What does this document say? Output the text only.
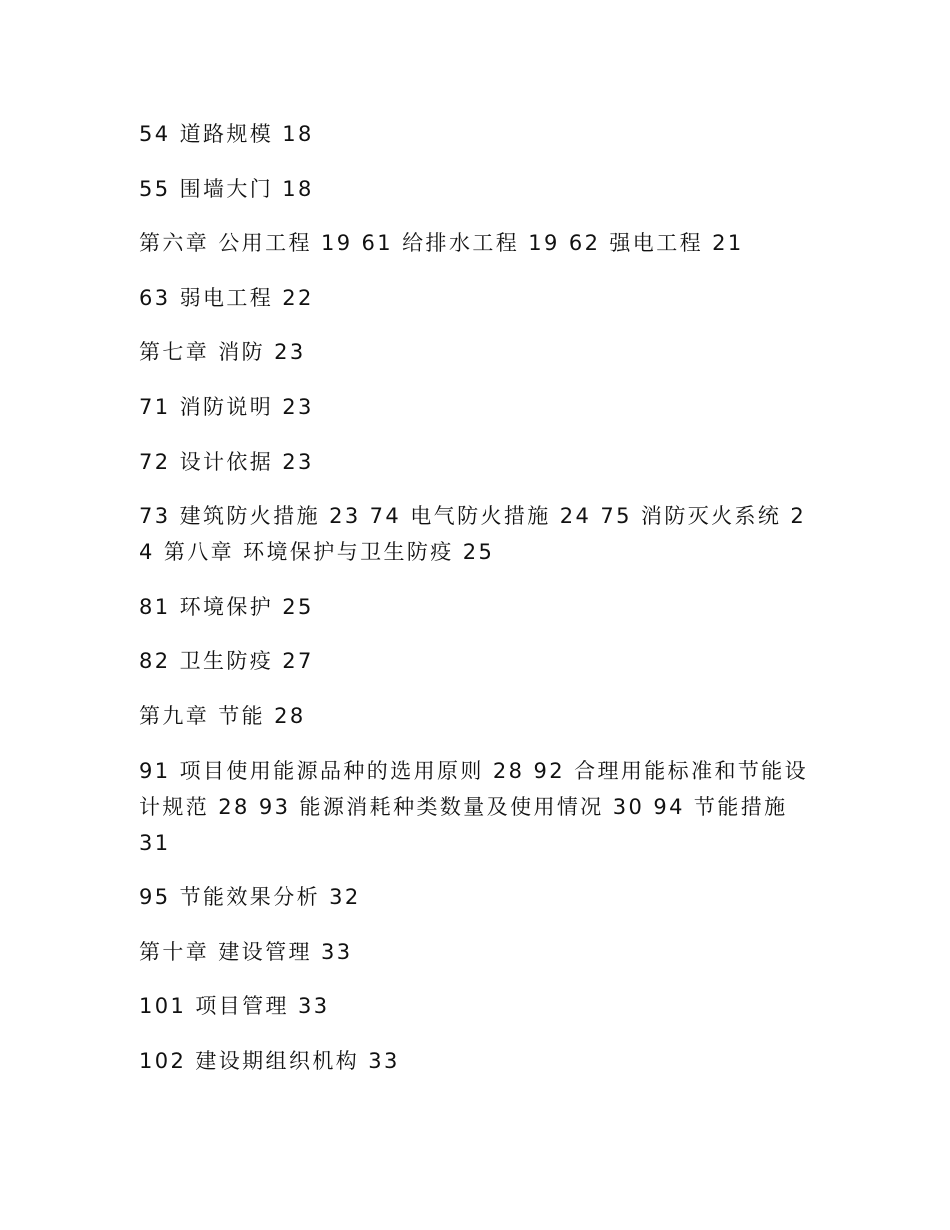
54 道路规模 18

55 围墙大门 18

第六章 公用工程 19 61 给排水工程 19 62 强电工程 21

63 弱电工程 22

第七章 消防 23

71 消防说明 23

72 设计依据 23

73 建筑防火措施 23 74 电气防火措施 24 75 消防灭火系统 24 第八章 环境保护与卫生防疫 25

81 环境保护 25

82 卫生防疫 27

第九章 节能 28

91 项目使用能源品种的选用原则 28 92 合理用能标准和节能设计规范 28 93 能源消耗种类数量及使用情况 30 94 节能措施 31

95 节能效果分析 32

第十章 建设管理 33

101 项目管理 33

102 建设期组织机构 33
